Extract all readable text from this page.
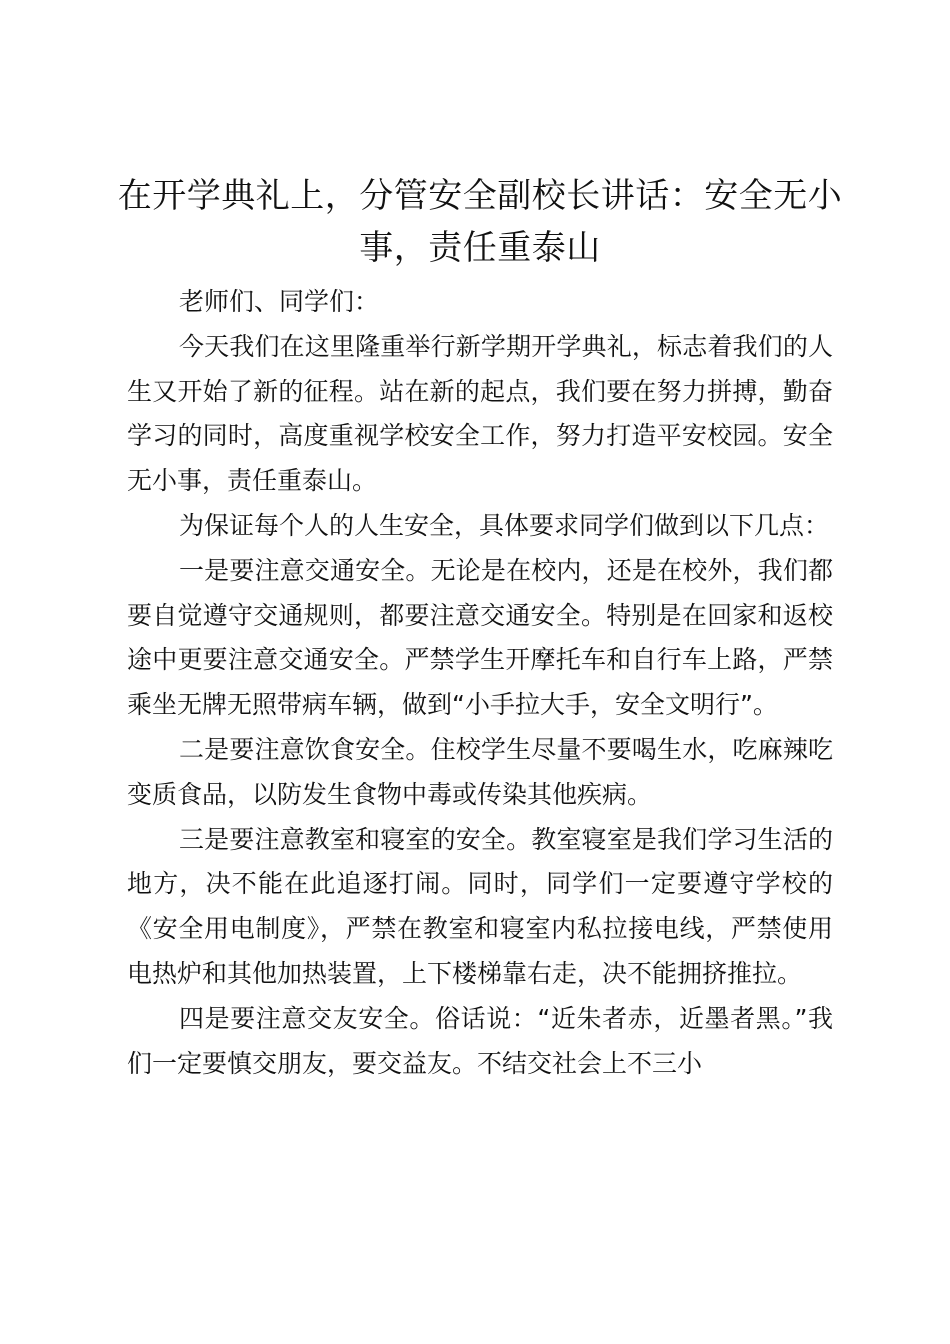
在开学典礼上，分管安全副校长讲话：安全无小事，责任重泰山

老师们、同学们：

今天我们在这里隆重举行新学期开学典礼，标志着我们的人生又开始了新的征程。站在新的起点，我们要在努力拼搏，勤奋学习的同时，高度重视学校安全工作，努力打造平安校园。安全无小事，责任重泰山。

为保证每个人的人生安全，具体要求同学们做到以下几点：

一是要注意交通安全。无论是在校内，还是在校外，我们都要自觉遵守交通规则，都要注意交通安全。特别是在回家和返校途中更要注意交通安全。严禁学生开摩托车和自行车上路，严禁乘坐无牌无照带病车辆，做到“小手拉大手，安全文明行”。

二是要注意饮食安全。住校学生尽量不要喝生水，吃麻辣吃变质食品，以防发生食物中毒或传染其他疾病。

三是要注意教室和寝室的安全。教室寝室是我们学习生活的地方，决不能在此追逐打闹。同时，同学们一定要遵守学校的《安全用电制度》，严禁在教室和寝室内私拉接电线，严禁使用电热炉和其他加热装置，上下楼梯靠右走，决不能拥挤推拉。

四是要注意交友安全。俗话说：“近朱者赤，近墨者黑。”我们一定要慎交朋友，要交益友。不结交社会上不三小
